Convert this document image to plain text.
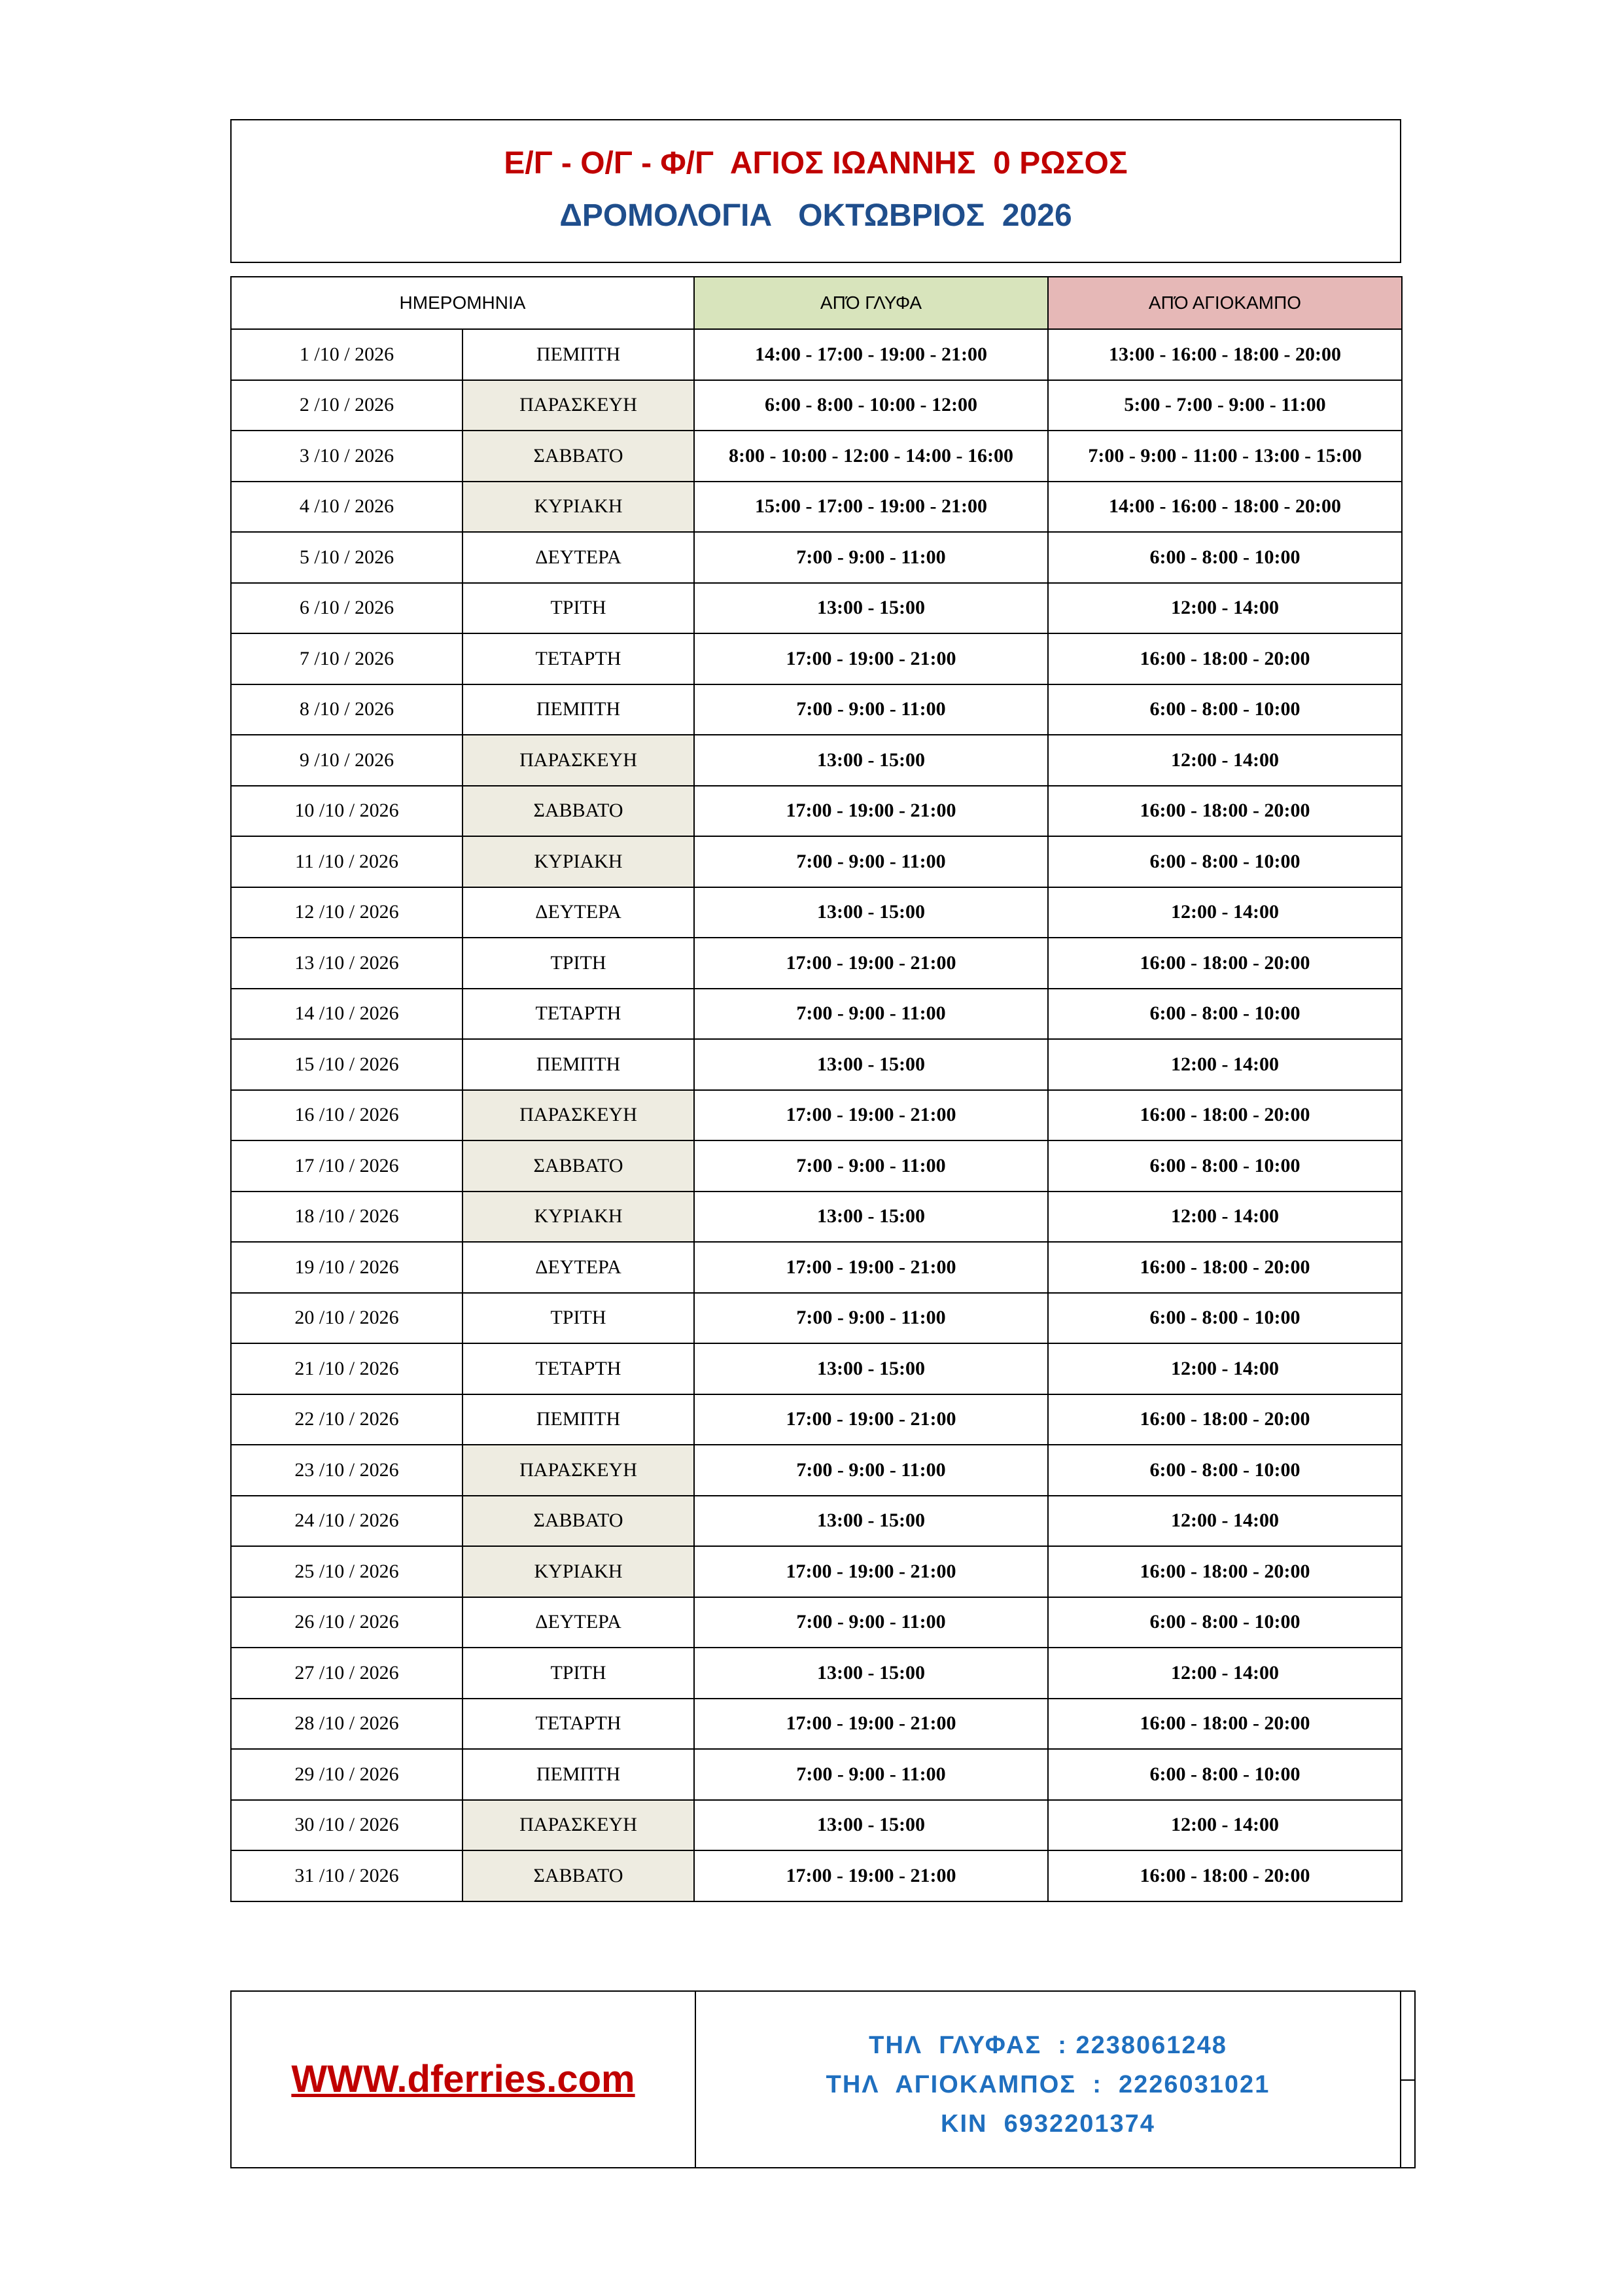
Ε/Γ - Ο/Γ - Φ/Γ  ΑΓΙΟΣ ΙΩΑΝΝΗΣ  0 ΡΩΣΟΣ
ΔΡΟΜΟΛΟΓΙΑ   ΟΚΤΩΒΡΙΟΣ  2026
ΗΜΕΡΟΜΗΝΙΑ		ΑΠΌ ΓΛΥΦΑ	ΑΠΌ ΑΓΙΟΚΑΜΠΟ
1 /10 / 2026	ΠΕΜΠΤΗ	14:00 - 17:00 - 19:00 - 21:00	13:00 - 16:00 - 18:00 - 20:00
2 /10 / 2026	ΠΑΡΑΣΚΕΥΗ	6:00 - 8:00 - 10:00 - 12:00	5:00 - 7:00 - 9:00 - 11:00
3 /10 / 2026	ΣΑΒΒΑΤΟ	8:00 - 10:00 - 12:00 - 14:00 - 16:00	7:00 - 9:00 - 11:00 - 13:00 - 15:00
4 /10 / 2026	ΚΥΡΙΑΚΗ	15:00 - 17:00 - 19:00 - 21:00	14:00 - 16:00 - 18:00 - 20:00
5 /10 / 2026	ΔΕΥΤΕΡΑ	7:00 - 9:00 - 11:00	6:00 - 8:00 - 10:00
6 /10 / 2026	ΤΡΙΤΗ	13:00 - 15:00	12:00 - 14:00
7 /10 / 2026	ΤΕΤΑΡΤΗ	17:00 - 19:00 - 21:00	16:00 - 18:00 - 20:00
8 /10 / 2026	ΠΕΜΠΤΗ	7:00 - 9:00 - 11:00	6:00 - 8:00 - 10:00
9 /10 / 2026	ΠΑΡΑΣΚΕΥΗ	13:00 - 15:00	12:00 - 14:00
10 /10 / 2026	ΣΑΒΒΑΤΟ	17:00 - 19:00 - 21:00	16:00 - 18:00 - 20:00
11 /10 / 2026	ΚΥΡΙΑΚΗ	7:00 - 9:00 - 11:00	6:00 - 8:00 - 10:00
12 /10 / 2026	ΔΕΥΤΕΡΑ	13:00 - 15:00	12:00 - 14:00
13 /10 / 2026	ΤΡΙΤΗ	17:00 - 19:00 - 21:00	16:00 - 18:00 - 20:00
14 /10 / 2026	ΤΕΤΑΡΤΗ	7:00 - 9:00 - 11:00	6:00 - 8:00 - 10:00
15 /10 / 2026	ΠΕΜΠΤΗ	13:00 - 15:00	12:00 - 14:00
16 /10 / 2026	ΠΑΡΑΣΚΕΥΗ	17:00 - 19:00 - 21:00	16:00 - 18:00 - 20:00
17 /10 / 2026	ΣΑΒΒΑΤΟ	7:00 - 9:00 - 11:00	6:00 - 8:00 - 10:00
18 /10 / 2026	ΚΥΡΙΑΚΗ	13:00 - 15:00	12:00 - 14:00
19 /10 / 2026	ΔΕΥΤΕΡΑ	17:00 - 19:00 - 21:00	16:00 - 18:00 - 20:00
20 /10 / 2026	ΤΡΙΤΗ	7:00 - 9:00 - 11:00	6:00 - 8:00 - 10:00
21 /10 / 2026	ΤΕΤΑΡΤΗ	13:00 - 15:00	12:00 - 14:00
22 /10 / 2026	ΠΕΜΠΤΗ	17:00 - 19:00 - 21:00	16:00 - 18:00 - 20:00
23 /10 / 2026	ΠΑΡΑΣΚΕΥΗ	7:00 - 9:00 - 11:00	6:00 - 8:00 - 10:00
24 /10 / 2026	ΣΑΒΒΑΤΟ	13:00 - 15:00	12:00 - 14:00
25 /10 / 2026	ΚΥΡΙΑΚΗ	17:00 - 19:00 - 21:00	16:00 - 18:00 - 20:00
26 /10 / 2026	ΔΕΥΤΕΡΑ	7:00 - 9:00 - 11:00	6:00 - 8:00 - 10:00
27 /10 / 2026	ΤΡΙΤΗ	13:00 - 15:00	12:00 - 14:00
28 /10 / 2026	ΤΕΤΑΡΤΗ	17:00 - 19:00 - 21:00	16:00 - 18:00 - 20:00
29 /10 / 2026	ΠΕΜΠΤΗ	7:00 - 9:00 - 11:00	6:00 - 8:00 - 10:00
30 /10 / 2026	ΠΑΡΑΣΚΕΥΗ	13:00 - 15:00	12:00 - 14:00
31 /10 / 2026	ΣΑΒΒΑΤΟ	17:00 - 19:00 - 21:00	16:00 - 18:00 - 20:00
WWW.dferries.com
ΤΗΛ  ΓΛΥΦΑΣ  : 2238061248
ΤΗΛ  ΑΓΙΟΚΑΜΠΟΣ  :  2226031021
ΚΙΝ  6932201374
